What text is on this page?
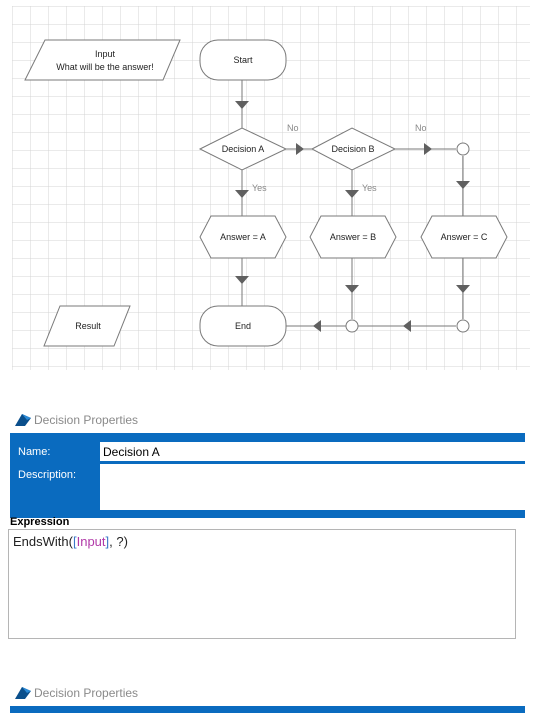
Input
What will be the answer!
Start
Decision A	Decision B
Answer = A	Answer = B	Answer = C
End
Result
No	No
Yes	Yes
Decision Properties
Name:
Decision A
Description:
Expression
EndsWith([Input], ?)
Decision Properties
